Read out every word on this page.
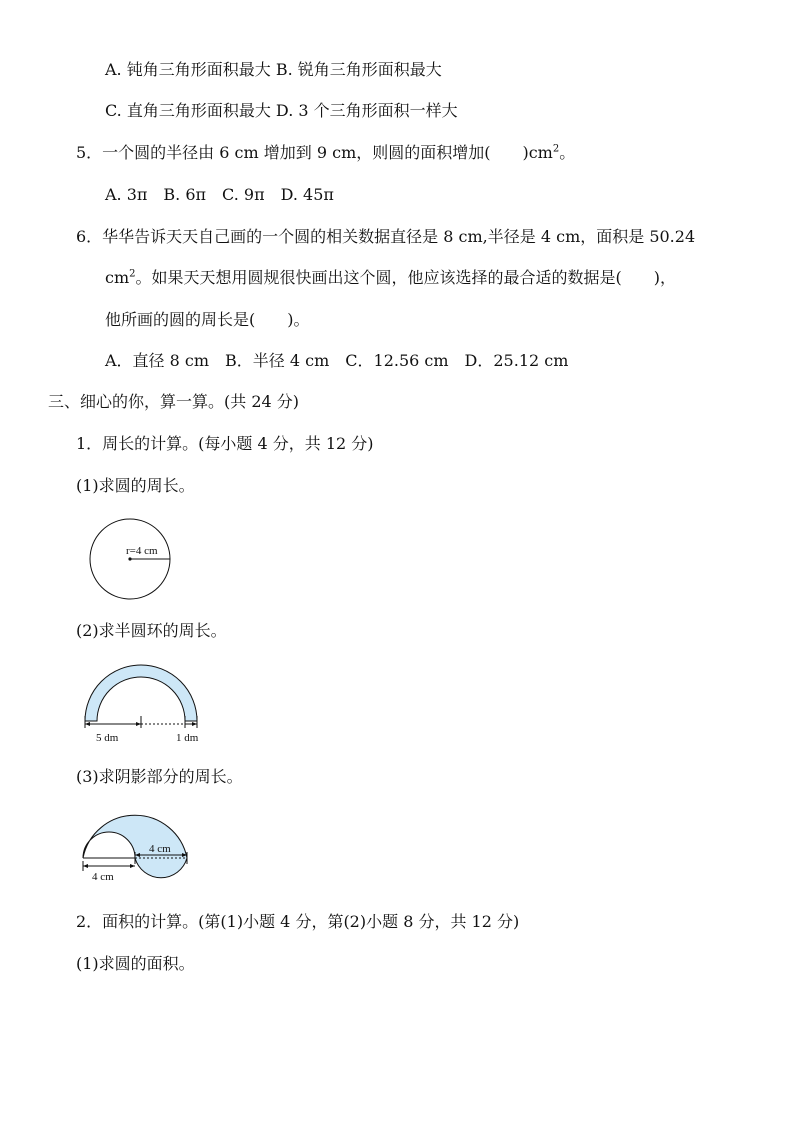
A. 钝角三角形面积最大 B. 锐角三角形面积最大
C. 直角三角形面积最大 D. 3 个三角形面积一样大
5．一个圆的半径由 6 cm 增加到 9 cm，则圆的面积增加(　　)$cm^2$。
A. 3π　B. 6π　C. 9π　D. 45π
6．华华告诉天天自己画的一个圆的相关数据直径是 8 cm,半径是 4 cm，面积是 50.24
$cm^2$。如果天天想用圆规很快画出这个圆，他应该选择的最合适的数据是(　　)，
他所画的圆的周长是(　　)。
A．直径 8 cm　B．半径 4 cm　C．12.56 cm　D．25.12 cm
三、细心的你，算一算。(共 24 分)
1．周长的计算。(每小题 4 分，共 12 分)
(1)求圆的周长。
r=4 cm
(2)求半圆环的周长。
5 dm	1 dm
(3)求阴影部分的周长。
4 cm
4 cm
2．面积的计算。(第(1)小题 4 分，第(2)小题 8 分，共 12 分)
(1)求圆的面积。
